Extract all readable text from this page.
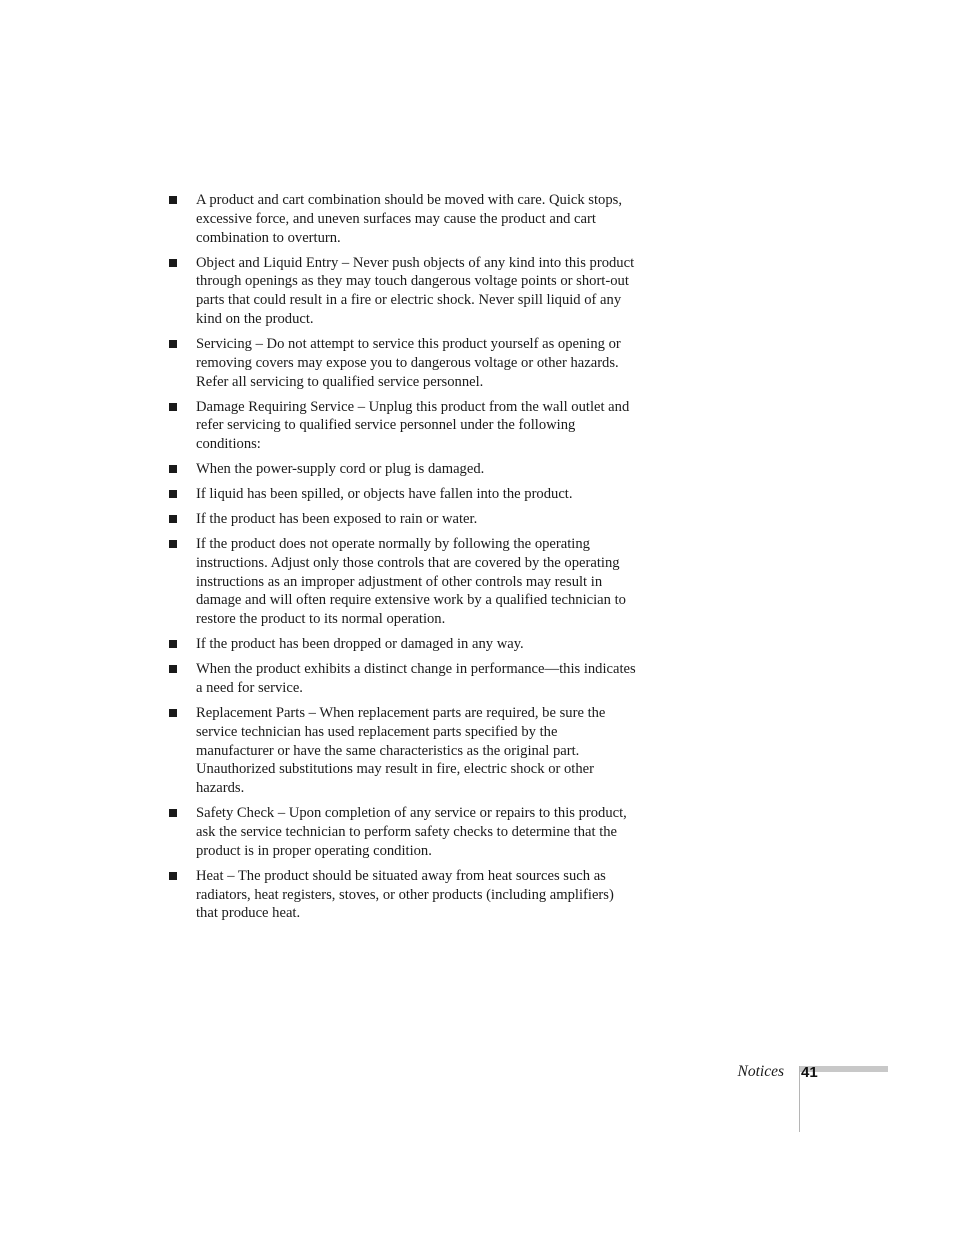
A product and cart combination should be moved with care. Quick stops, excessive force, and uneven surfaces may cause the product and cart combination to overturn.
Object and Liquid Entry – Never push objects of any kind into this product through openings as they may touch dangerous voltage points or short-out parts that could result in a fire or electric shock. Never spill liquid of any kind on the product.
Servicing – Do not attempt to service this product yourself as opening or removing covers may expose you to dangerous voltage or other hazards. Refer all servicing to qualified service personnel.
Damage Requiring Service – Unplug this product from the wall outlet and refer servicing to qualified service personnel under the following conditions:
When the power-supply cord or plug is damaged.
If liquid has been spilled, or objects have fallen into the product.
If the product has been exposed to rain or water.
If the product does not operate normally by following the operating instructions. Adjust only those controls that are covered by the operating instructions as an improper adjustment of other controls may result in damage and will often require extensive work by a qualified technician to restore the product to its normal operation.
If the product has been dropped or damaged in any way.
When the product exhibits a distinct change in performance—this indicates a need for service.
Replacement Parts – When replacement parts are required, be sure the service technician has used replacement parts specified by the manufacturer or have the same characteristics as the original part. Unauthorized substitutions may result in fire, electric shock or other hazards.
Safety Check – Upon completion of any service or repairs to this product, ask the service technician to perform safety checks to determine that the product is in proper operating condition.
Heat – The product should be situated away from heat sources such as radiators, heat registers, stoves, or other products (including amplifiers) that produce heat.
Notices 41
